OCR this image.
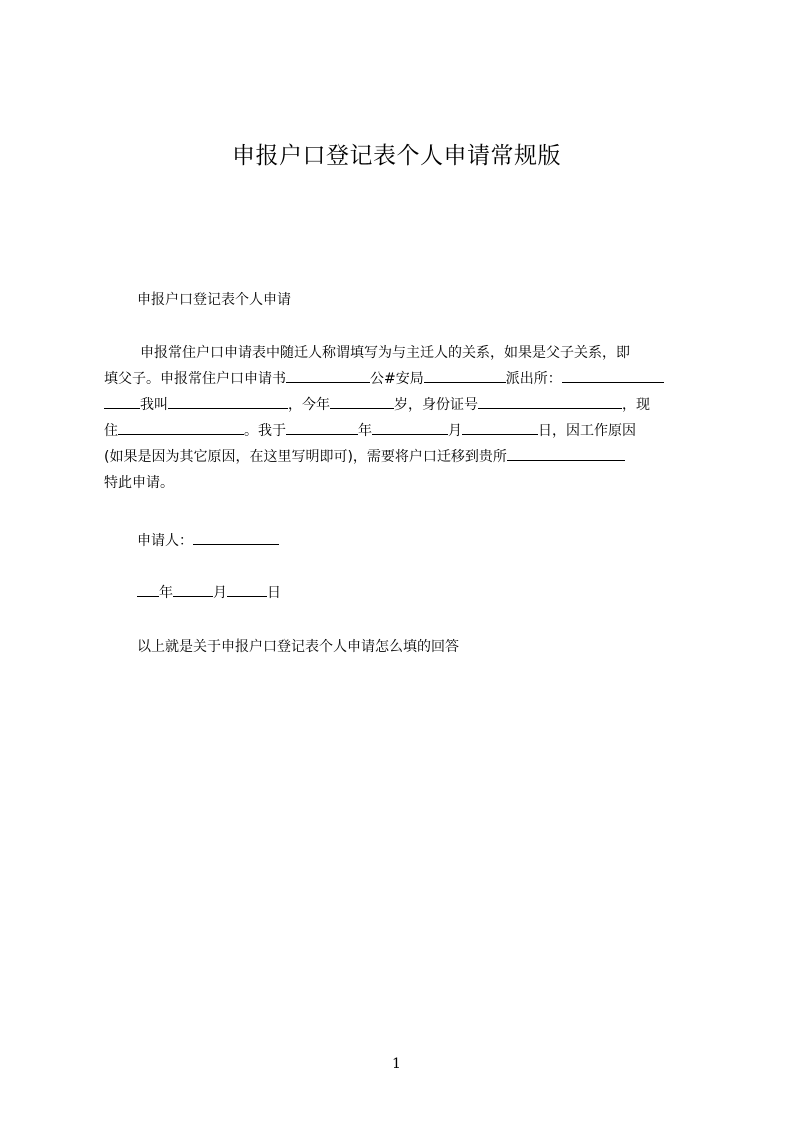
申报户口登记表个人申请常规版

申报户口登记表个人申请

申报常住户口申请表中随迁人称谓填写为与主迁人的关系，如果是父子关系，即
填父子。申报常住户口申请书	公#安局	派出所：
我叫	，今年	岁，身份证号	，现
住	。我于	年	月	日，因工作原因
(如果是因为其它原因，在这里写明即可)，需要将户口迁移到贵所
特此申请。

申请人：

年	月	日

以上就是关于申报户口登记表个人申请怎么填的回答

1
